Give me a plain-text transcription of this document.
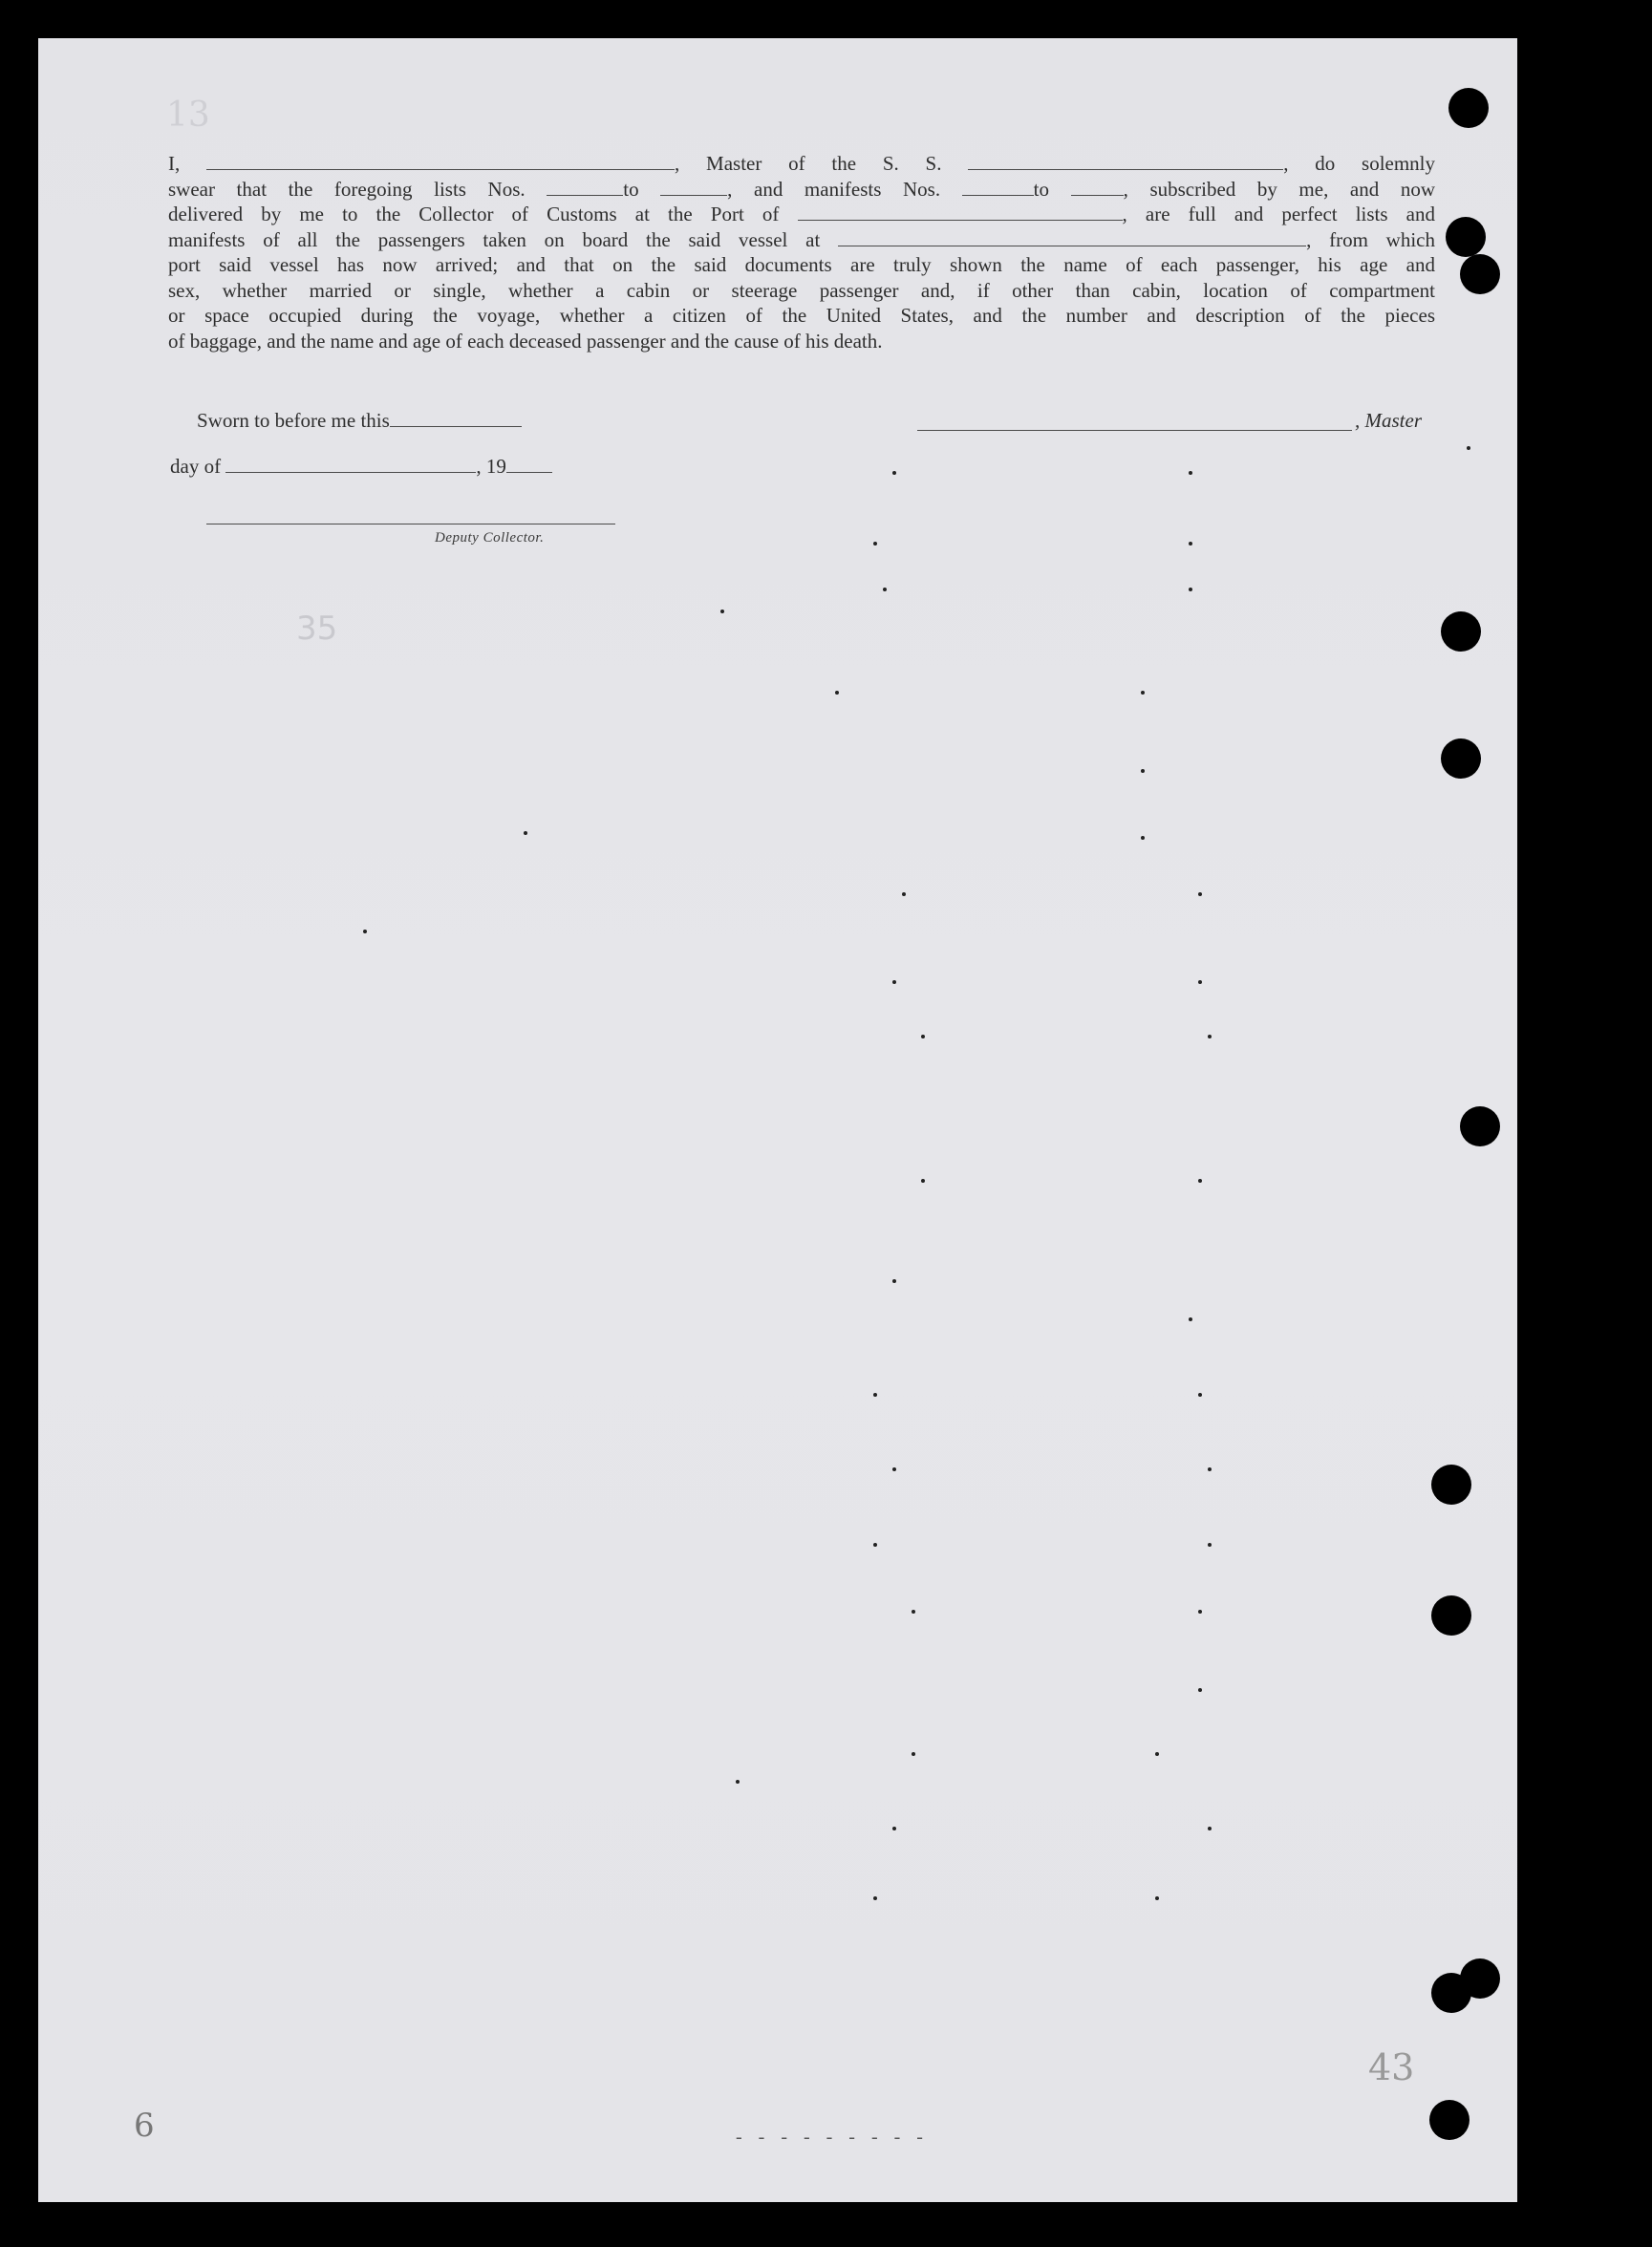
13
I,	, Master of the S. S.	, do solemnly
swear that the foregoing lists Nos.	to	, and manifests Nos.	to	, subscribed by me, and now
delivered by me to the Collector of Customs at the Port of	, are full and perfect lists and
manifests of all the passengers taken on board the said vessel at	, from which
port said vessel has now arrived; and that on the said documents are truly shown the name of each passenger, his age and
sex, whether married or single, whether a cabin or steerage passenger and, if other than cabin, location of compartment
or space occupied during the voyage, whether a citizen of the United States, and the number and description of the pieces
of baggage, and the name and age of each deceased passenger and the cause of his death.
Sworn to before me this	, Master
day of	, 19
Deputy Collector.
35
6
43
- - - - - - - - -
